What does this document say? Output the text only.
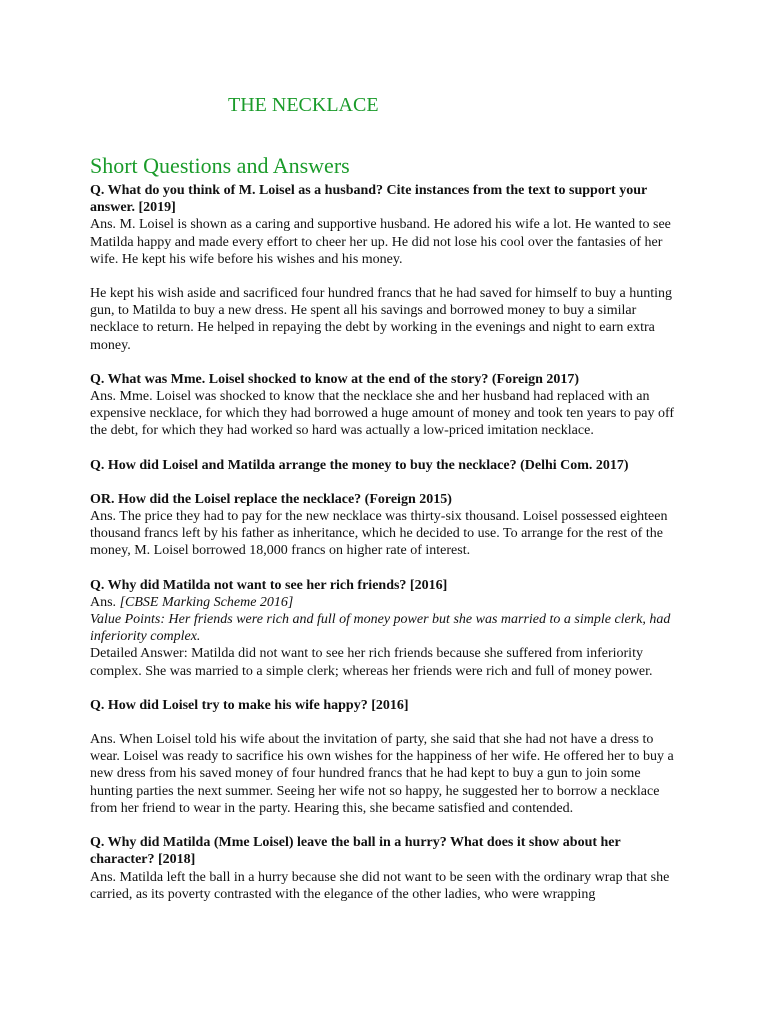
THE NECKLACE
Short Questions and Answers

Q. What do you think of M. Loisel as a husband? Cite instances from the text to support your answer. [2019]

Ans. M. Loisel is shown as a caring and supportive husband. He adored his wife a lot. He wanted to see Matilda happy and made every effort to cheer her up. He did not lose his cool over the fantasies of her wife. He kept his wife before his wishes and his money.

He kept his wish aside and sacrificed four hundred francs that he had saved for himself to buy a hunting gun, to Matilda to buy a new dress. He spent all his savings and borrowed money to buy a similar necklace to return. He helped in repaying the debt by working in the evenings and night to earn extra money.

Q. What was Mme. Loisel shocked to know at the end of the story? (Foreign 2017)

Ans. Mme. Loisel was shocked to know that the necklace she and her husband had replaced with an expensive necklace, for which they had borrowed a huge amount of money and took ten years to pay off the debt, for which they had worked so hard was actually a low-priced imitation necklace.

Q. How did Loisel and Matilda arrange the money to buy the necklace? (Delhi Com. 2017)

OR. How did the Loisel replace the necklace? (Foreign 2015)

Ans. The price they had to pay for the new necklace was thirty-six thousand. Loisel possessed eighteen thousand francs left by his father as inheritance, which he decided to use. To arrange for the rest of the money, M. Loisel borrowed 18,000 francs on higher rate of interest.

Q. Why did Matilda not want to see her rich friends? [2016]

Ans. [CBSE Marking Scheme 2016]

Value Points: Her friends were rich and full of money power but she was married to a simple clerk, had inferiority complex.

Detailed Answer: Matilda did not want to see her rich friends because she suffered from inferiority complex. She was married to a simple clerk; whereas her friends were rich and full of money power.

Q. How did Loisel try to make his wife happy? [2016]

Ans. When Loisel told his wife about the invitation of party, she said that she had not have a dress to wear. Loisel was ready to sacrifice his own wishes for the happiness of her wife. He offered her to buy a new dress from his saved money of four hundred francs that he had kept to buy a gun to join some hunting parties the next summer. Seeing her wife not so happy, he suggested her to borrow a necklace from her friend to wear in the party. Hearing this, she became satisfied and contended.

Q. Why did Matilda (Mme Loisel) leave the ball in a hurry? What does it show about her character? [2018]

Ans. Matilda left the ball in a hurry because she did not want to be seen with the ordinary wrap that she carried, as its poverty contrasted with the elegance of the other ladies, who were wrapping
